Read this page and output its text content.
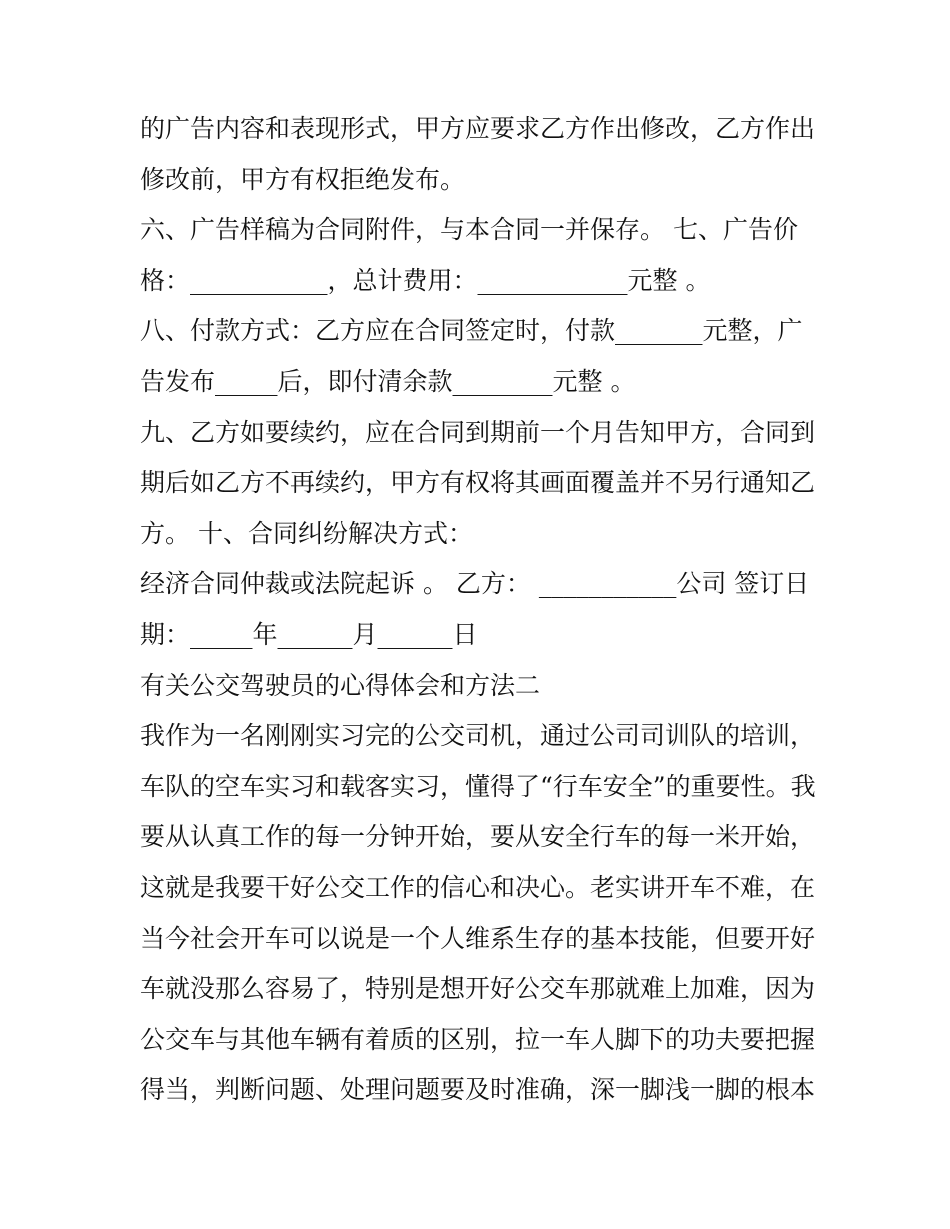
的广告内容和表现形式，甲方应要求乙方作出修改，乙方作出
修改前，甲方有权拒绝发布。
六、广告样稿为合同附件，与本合同一并保存。 七、广告价
格：___________，总计费用：____________元整 。
八、付款方式：乙方应在合同签定时，付款_______元整，广
告发布_____后，即付清余款________元整 。
九、乙方如要续约，应在合同到期前一个月告知甲方，合同到
期后如乙方不再续约，甲方有权将其画面覆盖并不另行通知乙
方。 十、合同纠纷解决方式：
经济合同仲裁或法院起诉 。 乙方： ___________公司 签订日
期：_____年______月______日
有关公交驾驶员的心得体会和方法二
我作为一名刚刚实习完的公交司机，通过公司司训队的培训，
车队的空车实习和载客实习，懂得了“行车安全”的重要性。我
要从认真工作的每一分钟开始，要从安全行车的每一米开始，
这就是我要干好公交工作的信心和决心。老实讲开车不难，在
当今社会开车可以说是一个人维系生存的基本技能，但要开好
车就没那么容易了，特别是想开好公交车那就难上加难，因为
公交车与其他车辆有着质的区别，拉一车人脚下的功夫要把握
得当，判断问题、处理问题要及时准确，深一脚浅一脚的根本
